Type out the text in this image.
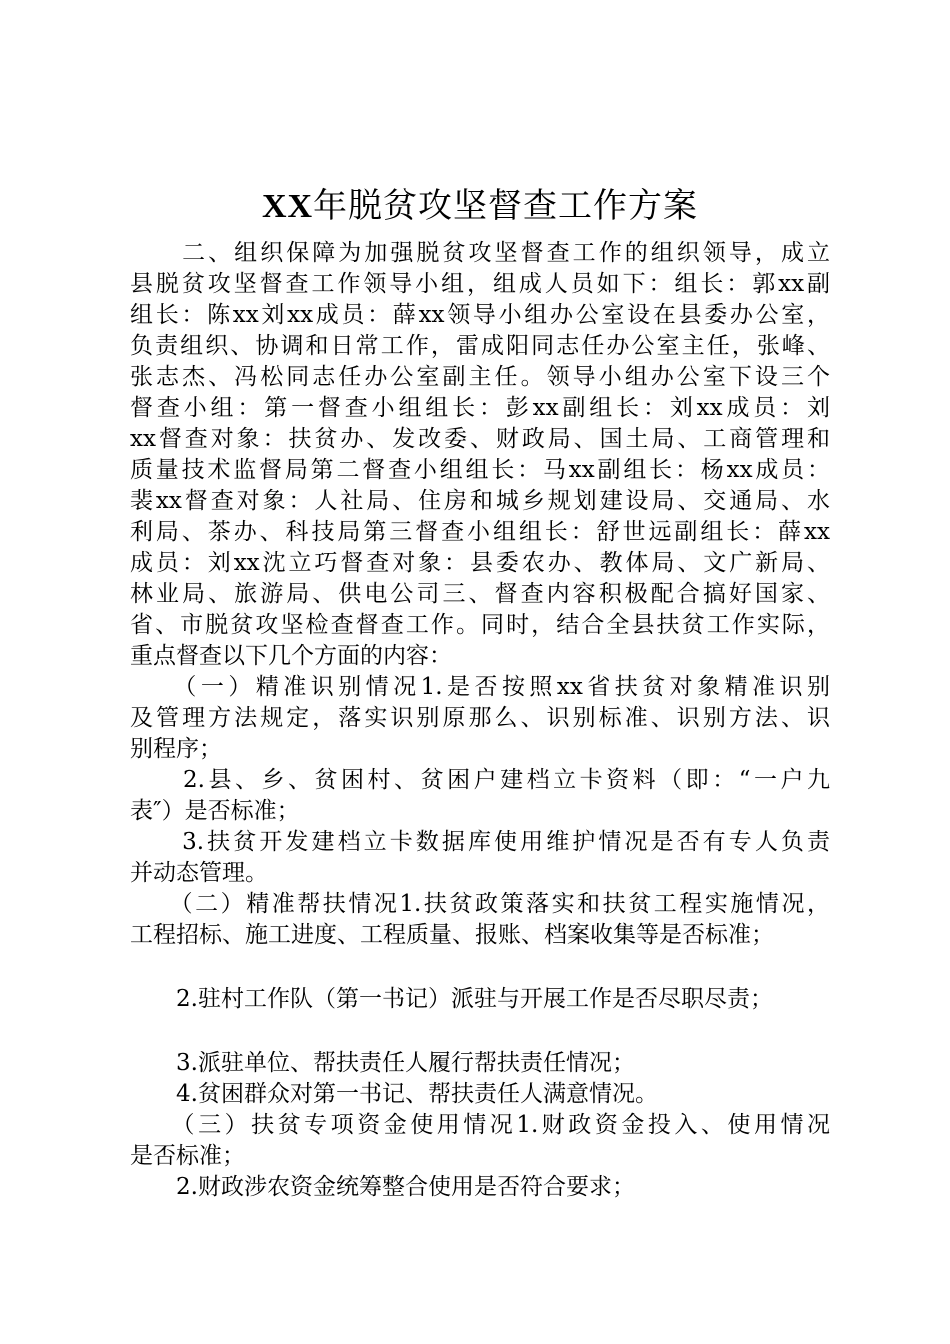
XX年脱贫攻坚督查工作方案
　　二、组织保障为加强脱贫攻坚督查工作的组织领导，成立
县脱贫攻坚督查工作领导小组，组成人员如下：组长：郭xx副
组长：陈xx刘xx成员：薛xx领导小组办公室设在县委办公室，
负责组织、协调和日常工作，雷成阳同志任办公室主任，张峰、
张志杰、冯松同志任办公室副主任。领导小组办公室下设三个
督查小组：第一督查小组组长：彭xx副组长：刘xx成员：刘
xx督查对象：扶贫办、发改委、财政局、国土局、工商管理和
质量技术监督局第二督查小组组长：马xx副组长：杨xx成员：
裴xx督查对象：人社局、住房和城乡规划建设局、交通局、水
利局、茶办、科技局第三督查小组组长：舒世远副组长：薛xx
成员：刘xx沈立巧督查对象：县委农办、教体局、文广新局、
林业局、旅游局、供电公司三、督查内容积极配合搞好国家、
省、市脱贫攻坚检查督查工作。同时，结合全县扶贫工作实际，
重点督查以下几个方面的内容：
　　（一）精准识别情况1.是否按照xx省扶贫对象精准识别
及管理方法规定，落实识别原那么、识别标准、识别方法、识
别程序；
　　2.县、乡、贫困村、贫困户建档立卡资料（即：“一户九
表″）是否标准；
　　3.扶贫开发建档立卡数据库使用维护情况是否有专人负责
并动态管理。
　　（二）精准帮扶情况1.扶贫政策落实和扶贫工程实施情况，
工程招标、施工进度、工程质量、报账、档案收集等是否标准；
　　2.驻村工作队（第一书记）派驻与开展工作是否尽职尽责；
　　3.派驻单位、帮扶责任人履行帮扶责任情况；
　　4.贫困群众对第一书记、帮扶责任人满意情况。
　　（三）扶贫专项资金使用情况1.财政资金投入、使用情况
是否标准；
　　2.财政涉农资金统筹整合使用是否符合要求；
